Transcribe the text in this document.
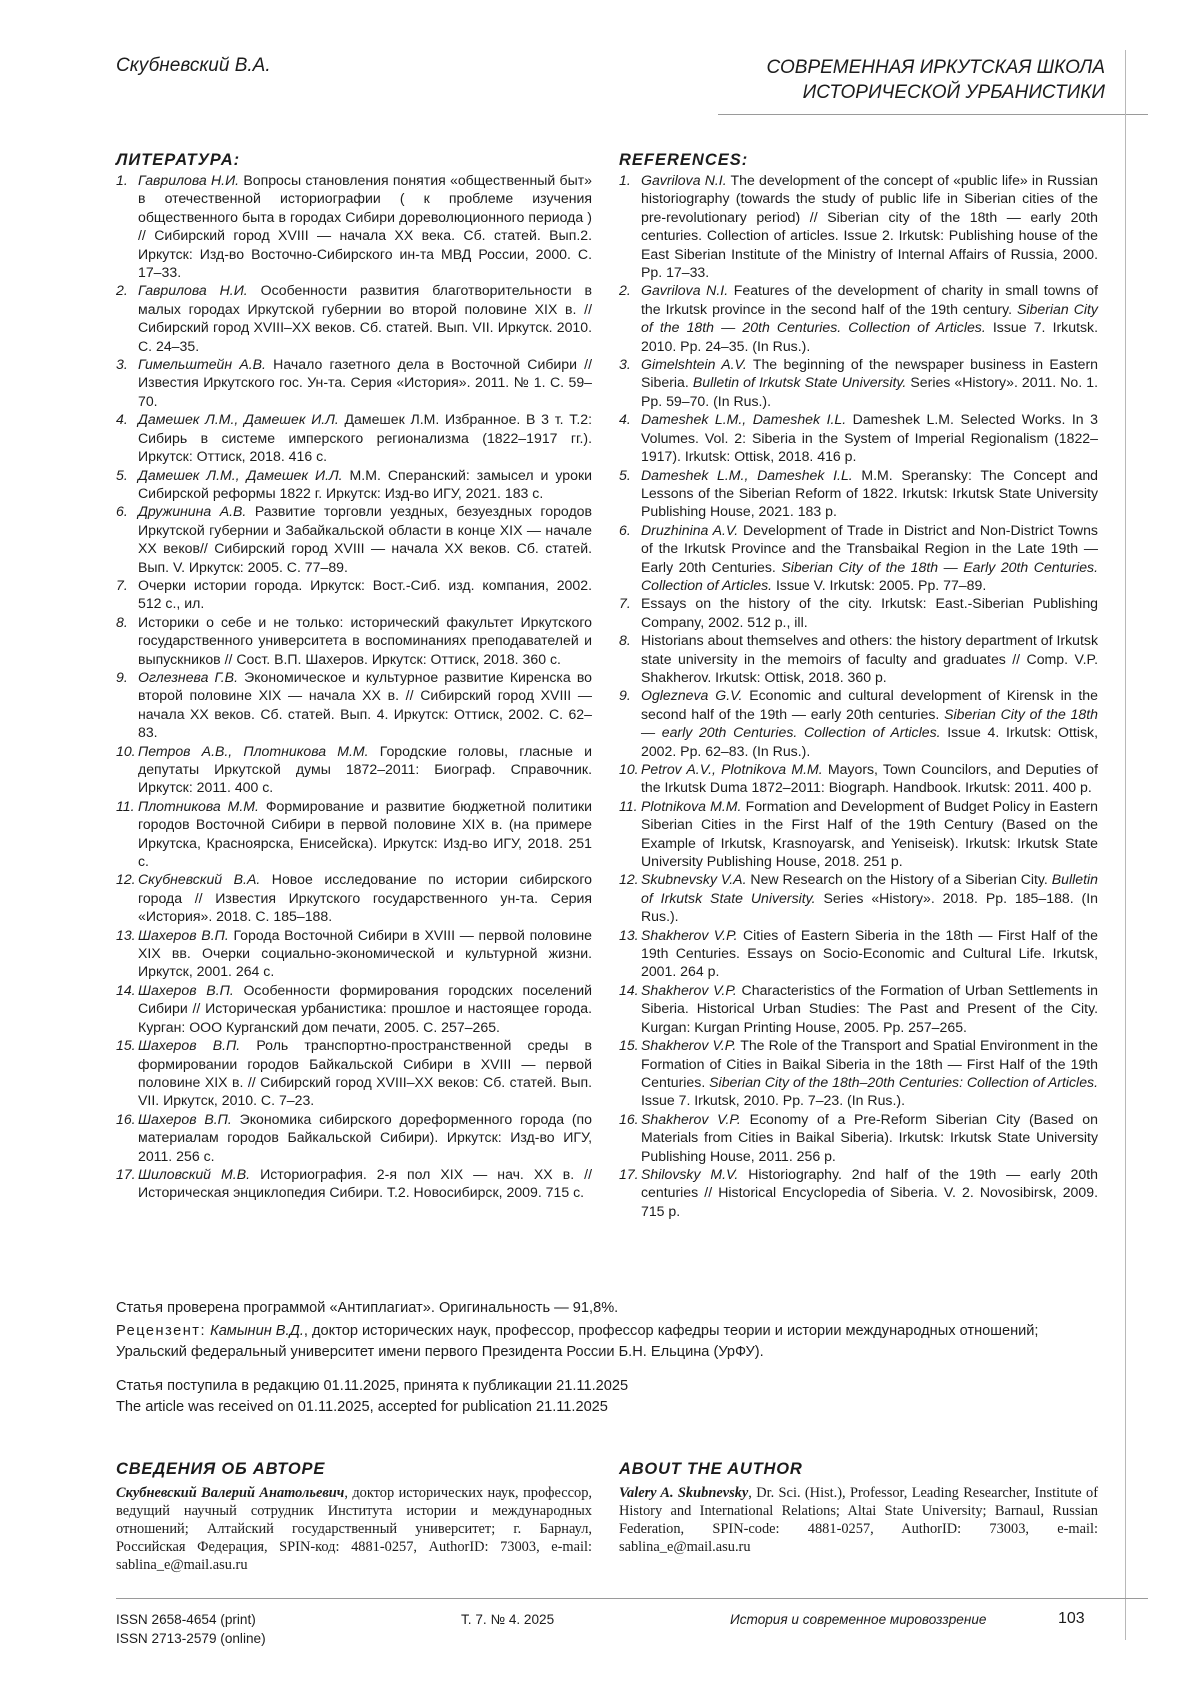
Скубневский В.А.	СОВРЕМЕННАЯ ИРКУТСКАЯ ШКОЛА
ИСТОРИЧЕСКОЙ УРБАНИСТИКИ
ЛИТЕРАТУРА:
1. Гаврилова Н.И. Вопросы становления понятия «общественный быт» в отечественной историографии ( к проблеме изучения общественного быта в городах Сибири дореволюционного периода ) // Сибирский город XVIII — начала XX века. Сб. статей. Вып.2. Иркутск: Изд-во Восточно-Сибирского ин-та МВД России, 2000. С. 17–33.
2. Гаврилова Н.И. Особенности развития благотворительности в малых городах Иркутской губернии во второй половине XIX в. // Сибирский город XVIII–XX веков. Сб. статей. Вып. VII. Иркутск. 2010. С. 24–35.
3. Гимельштейн А.В. Начало газетного дела в Восточной Сибири // Известия Иркутского гос. Ун-та. Серия «История». 2011. № 1. С. 59–70.
4. Дамешек Л.М., Дамешек И.Л. Дамешек Л.М. Избранное. В 3 т. Т.2: Сибирь в системе имперского регионализма (1822–1917 гг.). Иркутск: Оттиск, 2018. 416 с.
5. Дамешек Л.М., Дамешек И.Л. М.М. Сперанский: замысел и уроки Сибирской реформы 1822 г. Иркутск: Изд-во ИГУ, 2021. 183 с.
6. Дружинина А.В. Развитие торговли уездных, безуездных городов Иркутской губернии и Забайкальской области в конце XIX — начале XX веков// Сибирский город XVIII — начала XX веков. Сб. статей. Вып. V. Иркутск: 2005. С. 77–89.
7. Очерки истории города. Иркутск: Вост.-Сиб. изд. компания, 2002. 512 с., ил.
8. Историки о себе и не только: исторический факультет Иркутского государственного университета в воспоминаниях преподавателей и выпускников // Сост. В.П. Шахеров. Иркутск: Оттиск, 2018. 360 с.
9. Оглезнева Г.В. Экономическое и культурное развитие Киренска во второй половине XIX — начала XX в. // Сибирский город XVIII — начала XX веков. Сб. статей. Вып. 4. Иркутск: Оттиск, 2002. С. 62–83.
10. Петров А.В., Плотникова М.М. Городские головы, гласные и депутаты Иркутской думы 1872–2011: Биограф. Справочник. Иркутск: 2011. 400 с.
11. Плотникова М.М. Формирование и развитие бюджетной политики городов Восточной Сибири в первой половине XIX в. (на примере Иркутска, Красноярска, Енисейска). Иркутск: Изд-во ИГУ, 2018. 251 с.
12. Скубневский В.А. Новое исследование по истории сибирского города // Известия Иркутского государственного ун-та. Серия «История». 2018. С. 185–188.
13. Шахеров В.П. Города Восточной Сибири в XVIII — первой половине XIX вв. Очерки социально-экономической и культурной жизни. Иркутск, 2001. 264 с.
14. Шахеров В.П. Особенности формирования городских поселений Сибири // Историческая урбанистика: прошлое и настоящее города. Курган: ООО Курганский дом печати, 2005. С. 257–265.
15. Шахеров В.П. Роль транспортно-пространственной среды в формировании городов Байкальской Сибири в XVIII — первой половине XIX в. // Сибирский город XVIII–XX веков: Сб. статей. Вып. VII. Иркутск, 2010. С. 7–23.
16. Шахеров В.П. Экономика сибирского дореформенного города (по материалам городов Байкальской Сибири). Иркутск: Изд-во ИГУ, 2011. 256 с.
17. Шиловский М.В. Историография. 2-я пол XIX — нач. XX в. // Историческая энциклопедия Сибири. Т.2. Новосибирск, 2009. 715 с.
REFERENCES:
1. Gavrilova N.I. The development of the concept of «public life» in Russian historiography (towards the study of public life in Siberian cities of the pre-revolutionary period) // Siberian city of the 18th — early 20th centuries. Collection of articles. Issue 2. Irkutsk: Publishing house of the East Siberian Institute of the Ministry of Internal Affairs of Russia, 2000. Pp. 17–33.
2. Gavrilova N.I. Features of the development of charity in small towns of the Irkutsk province in the second half of the 19th century. Siberian City of the 18th — 20th Centuries. Collection of Articles. Issue 7. Irkutsk. 2010. Pp. 24–35. (In Rus.).
3. Gimelshtein A.V. The beginning of the newspaper business in Eastern Siberia. Bulletin of Irkutsk State University. Series «History». 2011. No. 1. Pp. 59–70. (In Rus.).
4. Dameshek L.M., Dameshek I.L. Dameshek L.M. Selected Works. In 3 Volumes. Vol. 2: Siberia in the System of Imperial Regionalism (1822–1917). Irkutsk: Ottisk, 2018. 416 p.
5. Dameshek L.M., Dameshek I.L. M.M. Speransky: The Concept and Lessons of the Siberian Reform of 1822. Irkutsk: Irkutsk State University Publishing House, 2021. 183 p.
6. Druzhinina A.V. Development of Trade in District and Non-District Towns of the Irkutsk Province and the Transbaikal Region in the Late 19th — Early 20th Centuries. Siberian City of the 18th — Early 20th Centuries. Collection of Articles. Issue V. Irkutsk: 2005. Pp. 77–89.
7. Essays on the history of the city. Irkutsk: East.-Siberian Publishing Company, 2002. 512 p., ill.
8. Historians about themselves and others: the history department of Irkutsk state university in the memoirs of faculty and graduates // Comp. V.P. Shakherov. Irkutsk: Ottisk, 2018. 360 p.
9. Oglezneva G.V. Economic and cultural development of Kirensk in the second half of the 19th — early 20th centuries. Siberian City of the 18th — early 20th Centuries. Collection of Articles. Issue 4. Irkutsk: Ottisk, 2002. Pp. 62–83. (In Rus.).
10. Petrov A.V., Plotnikova M.M. Mayors, Town Councilors, and Deputies of the Irkutsk Duma 1872–2011: Biograph. Handbook. Irkutsk: 2011. 400 p.
11. Plotnikova M.M. Formation and Development of Budget Policy in Eastern Siberian Cities in the First Half of the 19th Century (Based on the Example of Irkutsk, Krasnoyarsk, and Yeniseisk). Irkutsk: Irkutsk State University Publishing House, 2018. 251 p.
12. Skubnevsky V.A. New Research on the History of a Siberian City. Bulletin of Irkutsk State University. Series «History». 2018. Pp. 185–188. (In Rus.).
13. Shakherov V.P. Cities of Eastern Siberia in the 18th — First Half of the 19th Centuries. Essays on Socio-Economic and Cultural Life. Irkutsk, 2001. 264 p.
14. Shakherov V.P. Characteristics of the Formation of Urban Settlements in Siberia. Historical Urban Studies: The Past and Present of the City. Kurgan: Kurgan Printing House, 2005. Pp. 257–265.
15. Shakherov V.P. The Role of the Transport and Spatial Environment in the Formation of Cities in Baikal Siberia in the 18th — First Half of the 19th Centuries. Siberian City of the 18th–20th Centuries: Collection of Articles. Issue 7. Irkutsk, 2010. Pp. 7–23. (In Rus.).
16. Shakherov V.P. Economy of a Pre-Reform Siberian City (Based on Materials from Cities in Baikal Siberia). Irkutsk: Irkutsk State University Publishing House, 2011. 256 p.
17. Shilovsky M.V. Historiography. 2nd half of the 19th — early 20th centuries // Historical Encyclopedia of Siberia. V. 2. Novosibirsk, 2009. 715 p.
Статья проверена программой «Антиплагиат». Оригинальность — 91,8%.
Рецензент: Камынин В.Д., доктор исторических наук, профессор, профессор кафедры теории и истории международных отношений; Уральский федеральный университет имени первого Президента России Б.Н. Ельцина (УрФУ).
Статья поступила в редакцию 01.11.2025, принята к публикации 21.11.2025
The article was received on 01.11.2025, accepted for publication 21.11.2025
СВЕДЕНИЯ ОБ АВТОРЕ
Скубневский Валерий Анатольевич, доктор исторических наук, профессор, ведущий научный сотрудник Института истории и международных отношений; Алтайский государственный университет; г. Барнаул, Российская Федерация, SPIN-код: 4881-0257, AuthorID: 73003, e-mail: sablina_e@mail.asu.ru
ABOUT THE AUTHOR
Valery A. Skubnevsky, Dr. Sci. (Hist.), Professor, Leading Researcher, Institute of History and International Relations; Altai State University; Barnaul, Russian Federation, SPIN-code: 4881-0257, AuthorID: 73003, e-mail: sablina_e@mail.asu.ru
ISSN 2658-4654 (print)
ISSN 2713-2579 (online)
Т. 7. № 4. 2025	История и современное мировоззрение	103
